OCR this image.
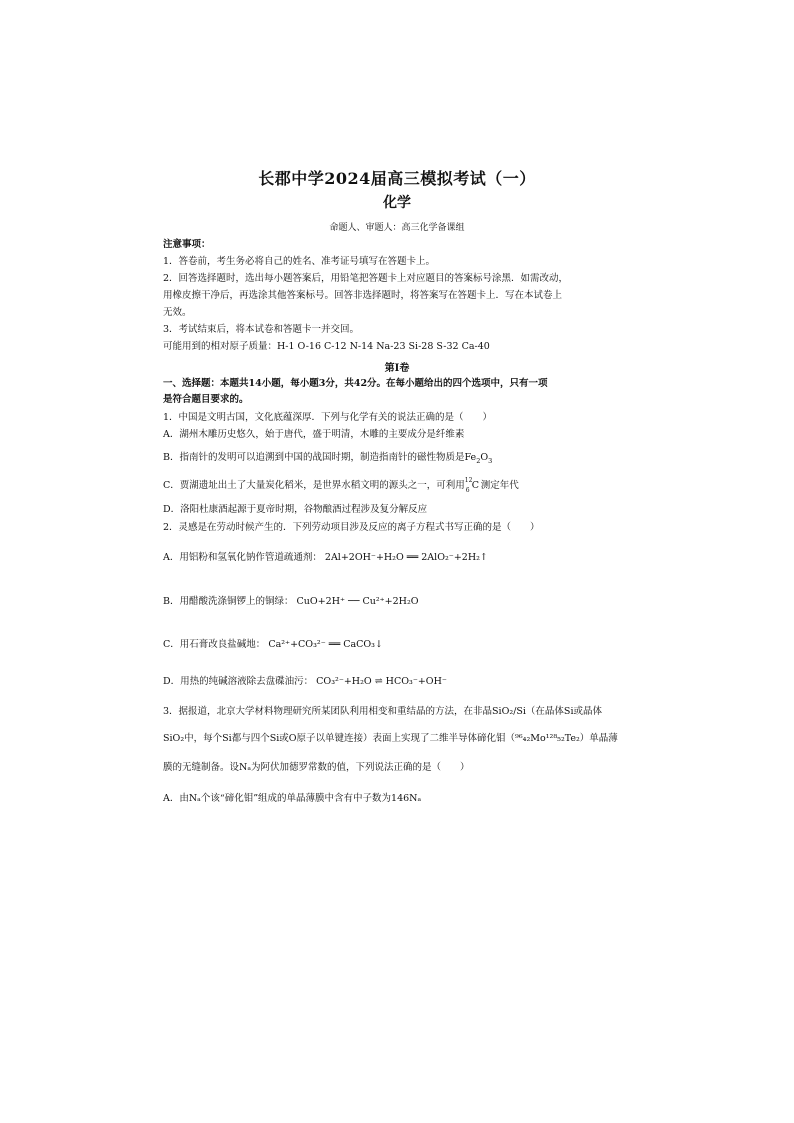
长郡中学2024届高三模拟考试（一）
化学
命题人、审题人：高三化学备课组
注意事项：
1．答卷前，考生务必将自己的姓名、准考证号填写在答题卡上。
2．回答选择题时，选出每小题答案后，用铅笔把答题卡上对应题目的答案标号涂黑．如需改动，
用橡皮擦干净后，再选涂其他答案标号。回答非选择题时，将答案写在答题卡上．写在本试卷上
无效。
3．考试结束后，将本试卷和答题卡一并交回。
可能用到的相对原子质量：H-1 O-16 C-12 N-14 Na-23 Si-28 S-32 Ca-40
第Ⅰ卷
一、选择题：本题共14小题，每小题3分，共42分。在每小题给出的四个选项中，只有一项
是符合题目要求的。
1．中国是文明古国，文化底蕴深厚．下列与化学有关的说法正确的是（　　）
A．湖州木雕历史悠久，始于唐代，盛于明清，木雕的主要成分是纤维素
B．指南针的发明可以追溯到中国的战国时期，制造指南针的磁性物质是$Fe_2O_3$
C．贾湖遗址出土了大量炭化稻米，是世界水稻文明的源头之一，可利用 12
6 C 测定年代
D．洛阳杜康酒起源于夏帝时期，谷物酿酒过程涉及复分解反应
2．灵感是在劳动时候产生的．下列劳动项目涉及反应的离子方程式书写正确的是（　　）
A．用铝粉和氢氧化钠作管道疏通剂： 2Al+2OH⁻+H₂O ══ 2AlO₂⁻+2H₂↑
B．用醋酸洗涤铜锣上的铜绿： CuO+2H⁺ ── Cu²⁺+2H₂O
C．用石膏改良盐碱地： Ca²⁺+CO₃²⁻ ══ CaCO₃↓
D．用热的纯碱溶液除去盘碟油污： CO₃²⁻+H₂O ⇌ HCO₃⁻+OH⁻
3．据报道，北京大学材料物理研究所某团队利用相变和重结晶的方法，在非晶SiO₂/Si（在晶体Si或晶体
SiO₂中，每个Si都与四个Si或O原子以单键连接）表面上实现了二维半导体碲化钼（⁹⁶₄₂Mo¹²⁸₅₂Te₂）单晶薄
膜的无缝制备。设Nₐ为阿伏加德罗常数的值，下列说法正确的是（　　）
A．由Nₐ个该“碲化钼”组成的单晶薄膜中含有中子数为146Nₐ
